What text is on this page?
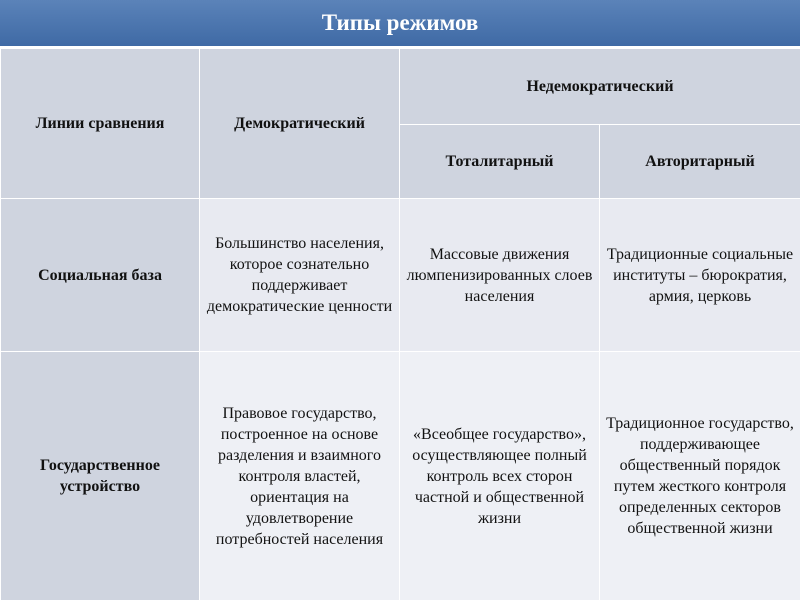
Типы режимов
Линии сравнения	Демократический	Недемократический	
		Тоталитарный	Авторитарный
Социальная база	Большинство населения, которое сознательно поддерживает демократические ценности	Массовые движения люмпенизированных слоев населения	Традиционные социальные институты – бюрократия, армия, церковь
Государственное устройство	Правовое государство, построенное на основе разделения и взаимного контроля властей, ориентация на удовлетворение потребностей населения	«Всеобщее государство», осуществляющее полный контроль всех сторон частной и общественной жизни	Традиционное государство, поддерживающее общественный порядок путем жесткого контроля определенных секторов общественной жизни
